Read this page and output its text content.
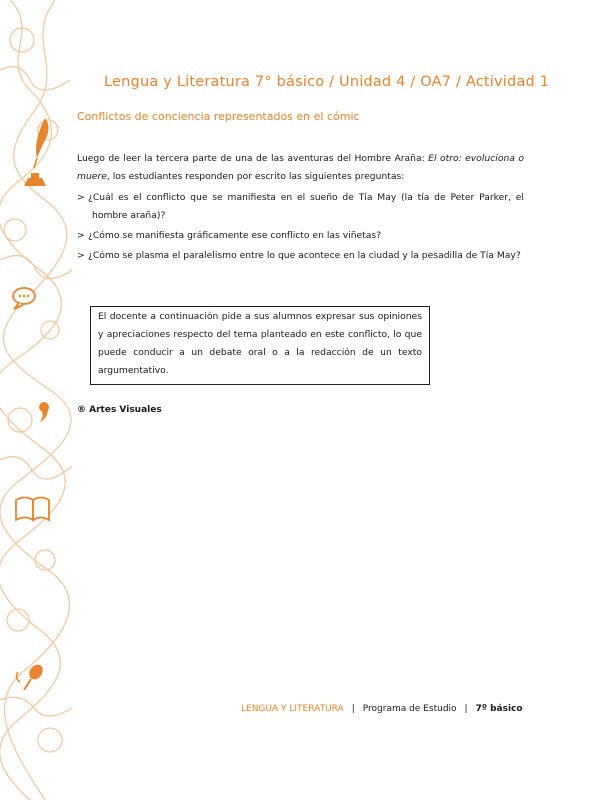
Lengua y Literatura 7° básico / Unidad 4 / OA7 / Actividad 1
Conflictos de conciencia representados en el cómic

Luego de leer la tercera parte de una de las aventuras del Hombre Araña: El otro: evoluciona o muere, los estudiantes responden por escrito las siguientes preguntas:

> ¿Cuál es el conflicto que se manifiesta en el sueño de Tía May (la tía de Peter Parker, el hombre araña)?
> ¿Cómo se manifiesta gráficamente ese conflicto en las viñetas?
> ¿Cómo se plasma el paralelismo entre lo que acontece en la ciudad y la pesadilla de Tía May?
El docente a continuación pide a sus alumnos expresar sus opiniones y apreciaciones respecto del tema planteado en este conflicto, lo que puede conducir a un debate oral o a la redacción de un texto argumentativo.

® Artes Visuales

LENGUA Y LITERATURA | Programa de Estudio | 7º básico
